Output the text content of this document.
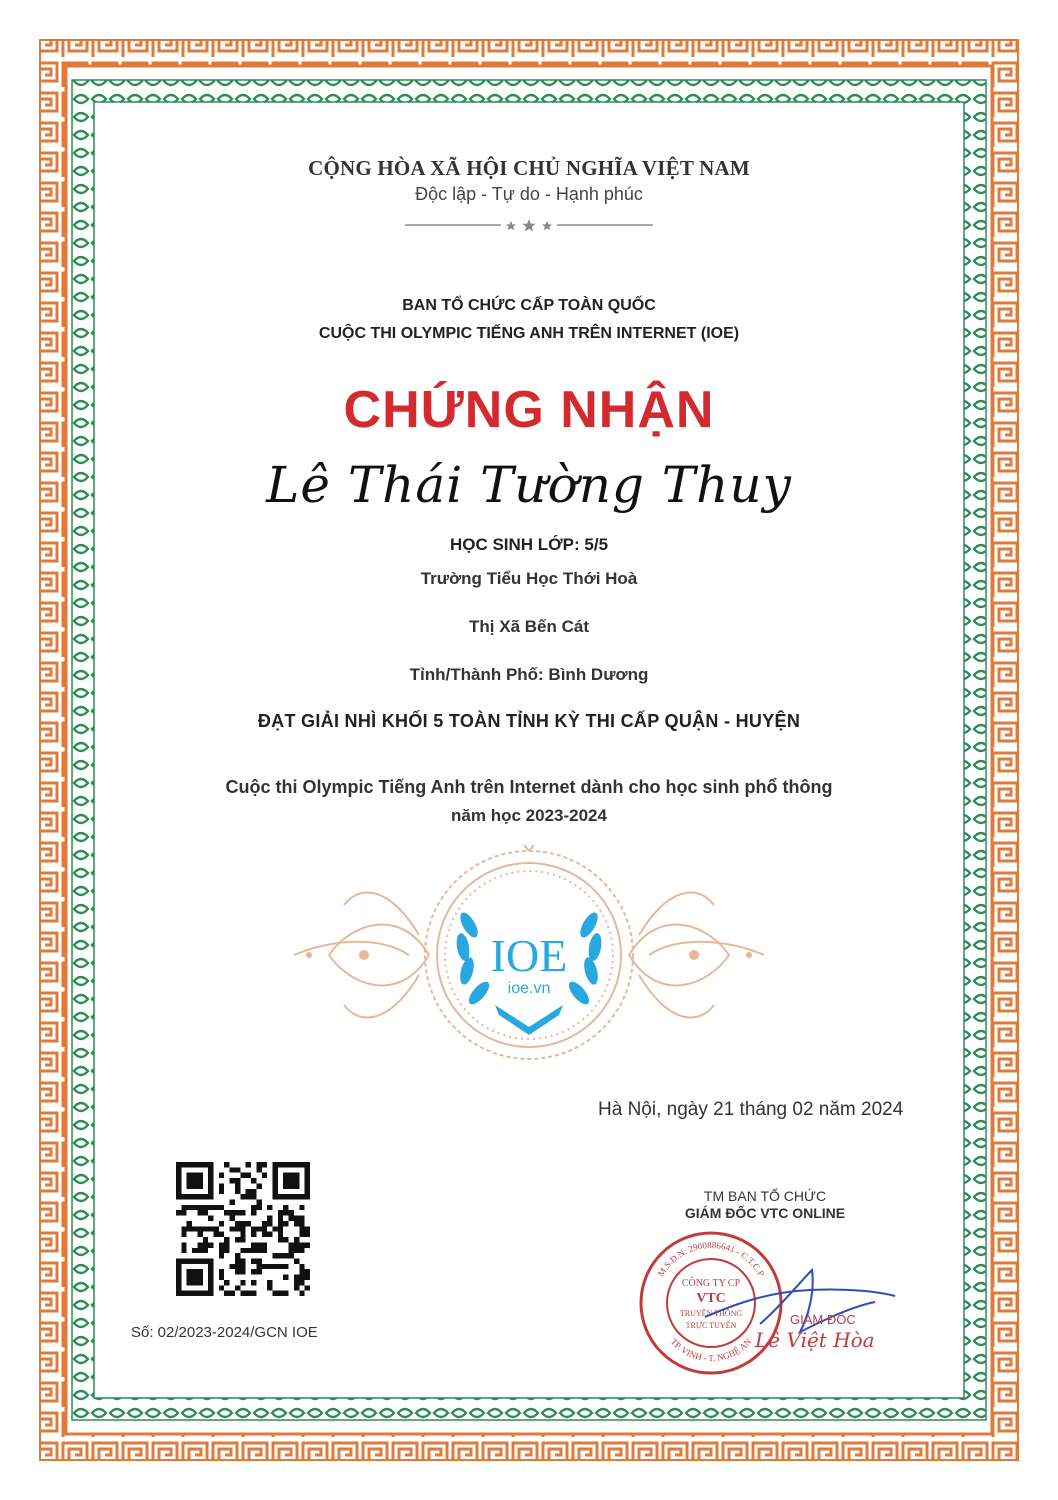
CỘNG HÒA XÃ HỘI CHỦ NGHĨA VIỆT NAM
Độc lập - Tự do - Hạnh phúc
BAN TỔ CHỨC CẤP TOÀN QUỐC
CUỘC THI OLYMPIC TIẾNG ANH TRÊN INTERNET (IOE)
CHỨNG NHẬN
Lê Thái Tường Thuy
HỌC SINH LỚP: 5/5
Trường Tiểu Học Thới Hoà
Thị Xã Bến Cát
Tỉnh/Thành Phố: Bình Dương
ĐẠT GIẢI NHÌ KHỐI 5 TOÀN TỈNH KỲ THI CẤP QUẬN - HUYỆN
Cuộc thi Olympic Tiếng Anh trên Internet dành cho học sinh phổ thông
năm học 2023-2024
IOE
ioe.vn
Hà Nội, ngày 21 tháng 02 năm 2024
Số: 02/2023-2024/GCN IOE
TM BAN TỔ CHỨC
GIÁM ĐỐC VTC ONLINE
M.S.D.N: 2900886641 - C.T.C.P
TP. VINH - T. NGHỆ AN
CÔNG TY CP
VTC
TRUYỀN THÔNG
TRỰC TUYẾN	GIÁM ĐỐC
Lê Việt Hòa
